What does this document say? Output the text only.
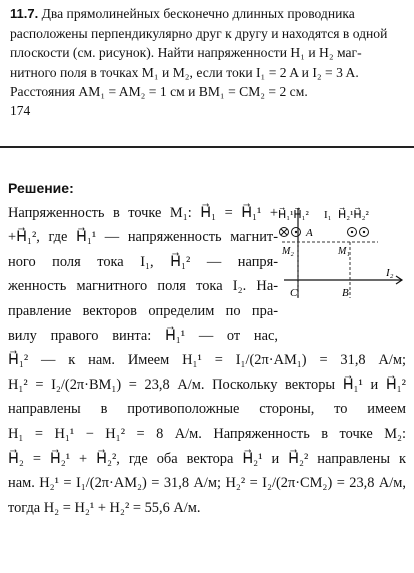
11.7. Два прямолинейных бесконечно длинных проводника
расположены перпендикулярно друг к другу и находятся в одной
плоскости (см. рисунок). Найти напряженности H₁ и H₂ маг-
нитного поля в точках M₁ и M₂, если токи I₁ = 2 A и I₂ = 3 A.
Расстояния AM₁ = AM₂ = 1 см и BM₁ = CM₂ = 2 см.
174
Решение:
Напряженность в точке M₁: H⃗₁ = H⃗₁¹ +
+H⃗₁², где H⃗₁¹ — напряженность магнит-
ного поля тока I₁, H⃗₁² — напря-
женность магнитного поля тока I₂. На-
правление векторов определим по пра-
вилу правого винта: H⃗₁¹ — от нас,
H⃗₁² — к нам. Имеем H₁¹ = I₁/(2π·AM₁) = 31,8 А/м;
H₁² = I₂/(2π·BM₁) = 23,8 А/м. Поскольку векторы H⃗₁¹ и H⃗₁²
направлены в противоположные стороны, то имеем
H₁ = H₁¹ − H₁² = 8 А/м. Напряженность в точке M₂:
H⃗₂ = H⃗₂¹ + H⃗₂², где оба вектора H⃗₂¹ и H⃗₂² направлены к
нам. H₂¹ = I₁/(2π·AM₂) = 31,8 А/м; H₂² = I₂/(2π·CM₂) = 23,8 А/м,
тогда H₂ = H₂¹ + H₂² = 55,6 А/м.
H⃗₁¹H⃗₁² I₁ H⃗₂¹H⃗₂²
A
M₂	M₁
I₂
C	B
